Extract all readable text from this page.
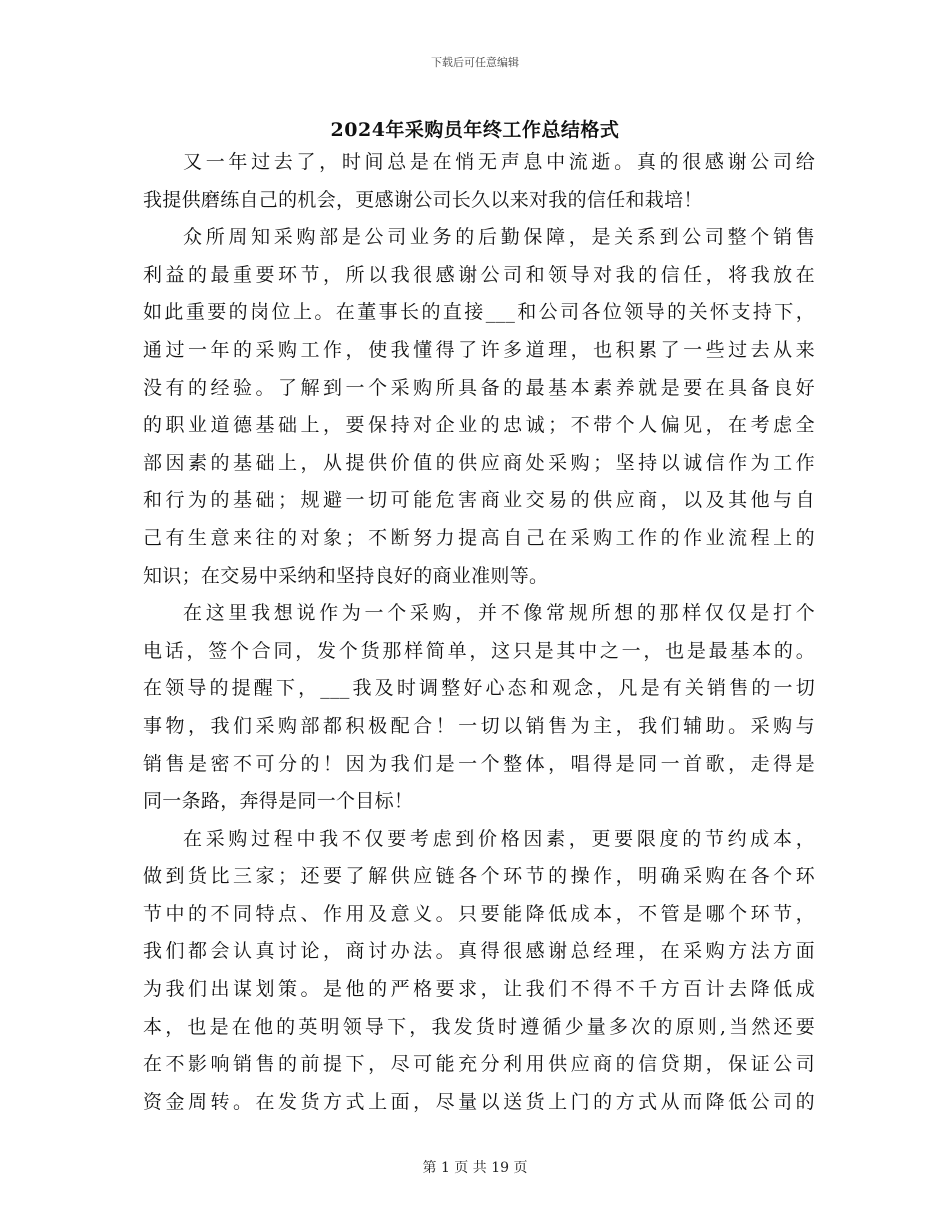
下载后可任意编辑
2024年采购员年终工作总结格式
又一年过去了，时间总是在悄无声息中流逝。真的很感谢公司给
我提供磨练自己的机会，更感谢公司长久以来对我的信任和栽培！
众所周知采购部是公司业务的后勤保障，是关系到公司整个销售
利益的最重要环节，所以我很感谢公司和领导对我的信任，将我放在
如此重要的岗位上。在董事长的直接___和公司各位领导的关怀支持下，
通过一年的采购工作，使我懂得了许多道理，也积累了一些过去从来
没有的经验。了解到一个采购所具备的最基本素养就是要在具备良好
的职业道德基础上，要保持对企业的忠诚；不带个人偏见，在考虑全
部因素的基础上，从提供价值的供应商处采购；坚持以诚信作为工作
和行为的基础；规避一切可能危害商业交易的供应商，以及其他与自
己有生意来往的对象；不断努力提高自己在采购工作的作业流程上的
知识；在交易中采纳和坚持良好的商业准则等。
在这里我想说作为一个采购，并不像常规所想的那样仅仅是打个
电话，签个合同，发个货那样简单，这只是其中之一，也是最基本的。
在领导的提醒下，___我及时调整好心态和观念，凡是有关销售的一切
事物，我们采购部都积极配合！一切以销售为主，我们辅助。采购与
销售是密不可分的！因为我们是一个整体，唱得是同一首歌，走得是
同一条路，奔得是同一个目标！
在采购过程中我不仅要考虑到价格因素，更要限度的节约成本，
做到货比三家；还要了解供应链各个环节的操作，明确采购在各个环
节中的不同特点、作用及意义。只要能降低成本，不管是哪个环节，
我们都会认真讨论，商讨办法。真得很感谢总经理，在采购方法方面
为我们出谋划策。是他的严格要求，让我们不得不千方百计去降低成
本，也是在他的英明领导下，我发货时遵循少量多次的原则,当然还要
在不影响销售的前提下，尽可能充分利用供应商的信贷期，保证公司
资金周转。在发货方式上面，尽量以送货上门的方式从而降低公司的
第 1 页 共 19 页
